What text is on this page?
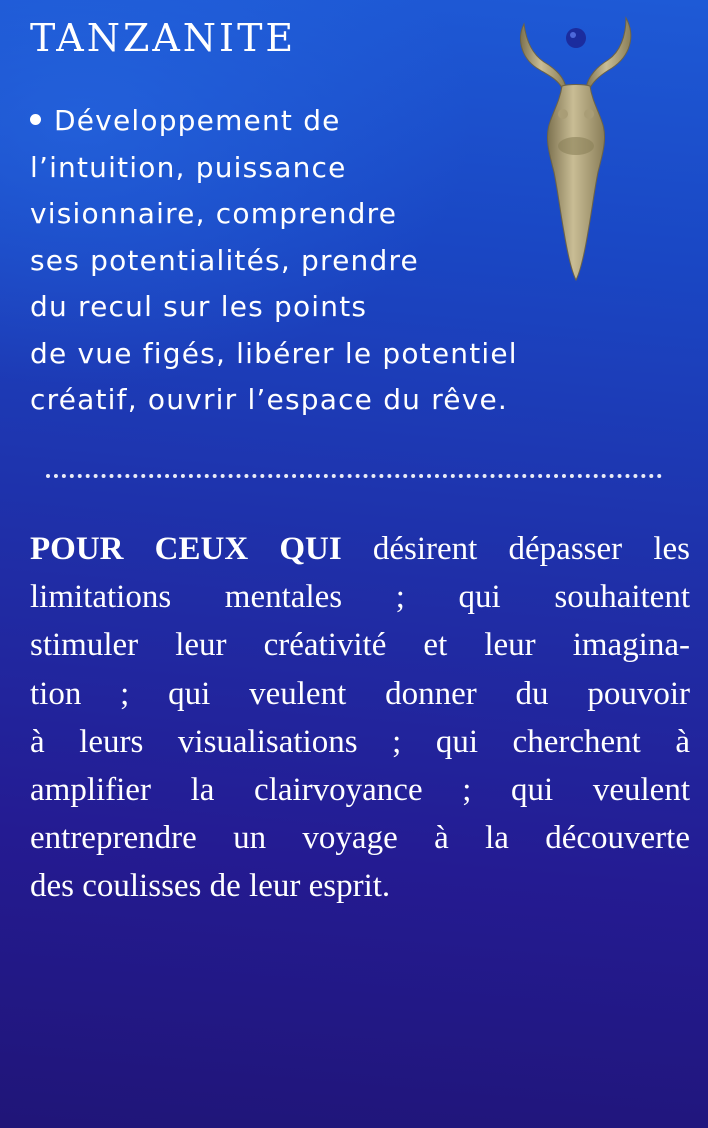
TANZANITE
Développement de
l’intuition, puissance
visionnaire, comprendre
ses potentialités, prendre
du recul sur les points
de vue figés, libérer le potentiel
créatif, ouvrir l’espace du rêve.
POUR CEUX QUI désirent dépasser les
limitations mentales ; qui souhaitent
stimuler leur créativité et leur imagina-
tion ; qui veulent donner du pouvoir
à leurs visualisations ; qui cherchent à
amplifier la clairvoyance ; qui veulent
entreprendre un voyage à la découverte
des coulisses de leur esprit.
